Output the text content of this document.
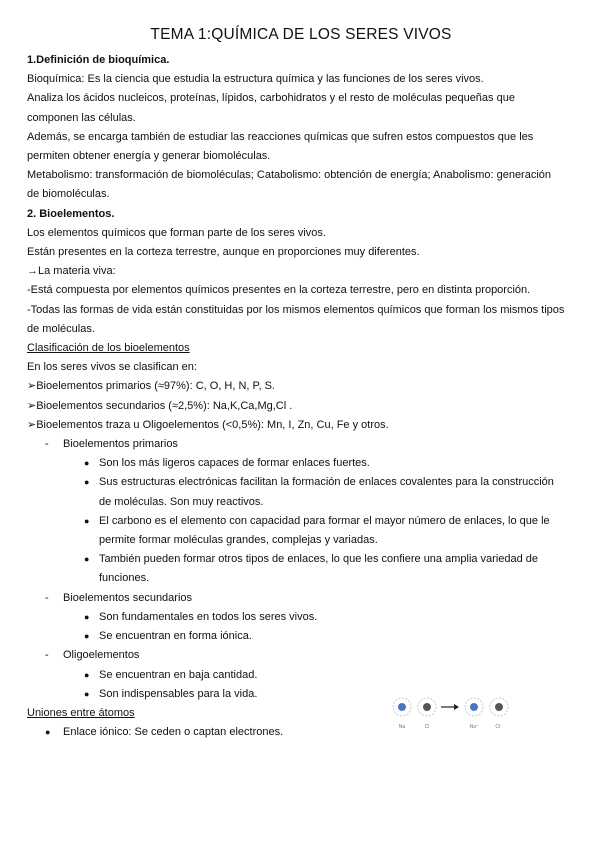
TEMA 1:QUÍMICA DE LOS SERES VIVOS

1.Definición de bioquímica.

Bioquímica: Es la ciencia que estudia la estructura química y las funciones de los seres vivos.

Analiza los ácidos nucleicos, proteínas, lípidos, carbohidratos y el resto de moléculas pequeñas que

componen las células.

Además, se encarga también de estudiar las reacciones químicas que sufren estos compuestos que les

permiten obtener energía y generar biomoléculas.

Metabolismo: transformación de biomoléculas; Catabolismo: obtención de energía; Anabolismo: generación

de biomoléculas.

2. Bioelementos.

Los elementos químicos que forman parte de los seres vivos.

Están presentes en la corteza terrestre, aunque en proporciones muy diferentes.

→La materia viva:

-Está compuesta por elementos químicos presentes en la corteza terrestre, pero en distinta proporción.

-Todas las formas de vida están constituidas por los mismos elementos químicos que forman los mismos tipos

de moléculas.

Clasificación de los bioelementos

En los seres vivos se clasifican en:

➢Bioelementos primarios (≈97%): C, O, H, N, P, S.

➢Bioelementos secundarios (≈2,5%): Na,K,Ca,Mg,Cl .

➢Bioelementos traza u Oligoelementos (<0,5%): Mn, I, Zn, Cu, Fe y otros.

- Bioelementos primarios

● Son los más ligeros capaces de formar enlaces fuertes.

● Sus estructuras electrónicas facilitan la formación de enlaces covalentes para la construcción

de moléculas. Son muy reactivos.

● El carbono es el elemento con capacidad para formar el mayor número de enlaces, lo que le

permite formar moléculas grandes, complejas y variadas.

● También pueden formar otros tipos de enlaces, lo que les confiere una amplia variedad de

funciones.

- Bioelementos secundarios

● Son fundamentales en todos los seres vivos.

● Se encuentran en forma iónica.

- Oligoelementos

● Se encuentran en baja cantidad.

● Son indispensables para la vida.

Uniones entre átomos

● Enlace iónico: Se ceden o captan electrones.	Na	Cl	Na⁺	Cl⁻
